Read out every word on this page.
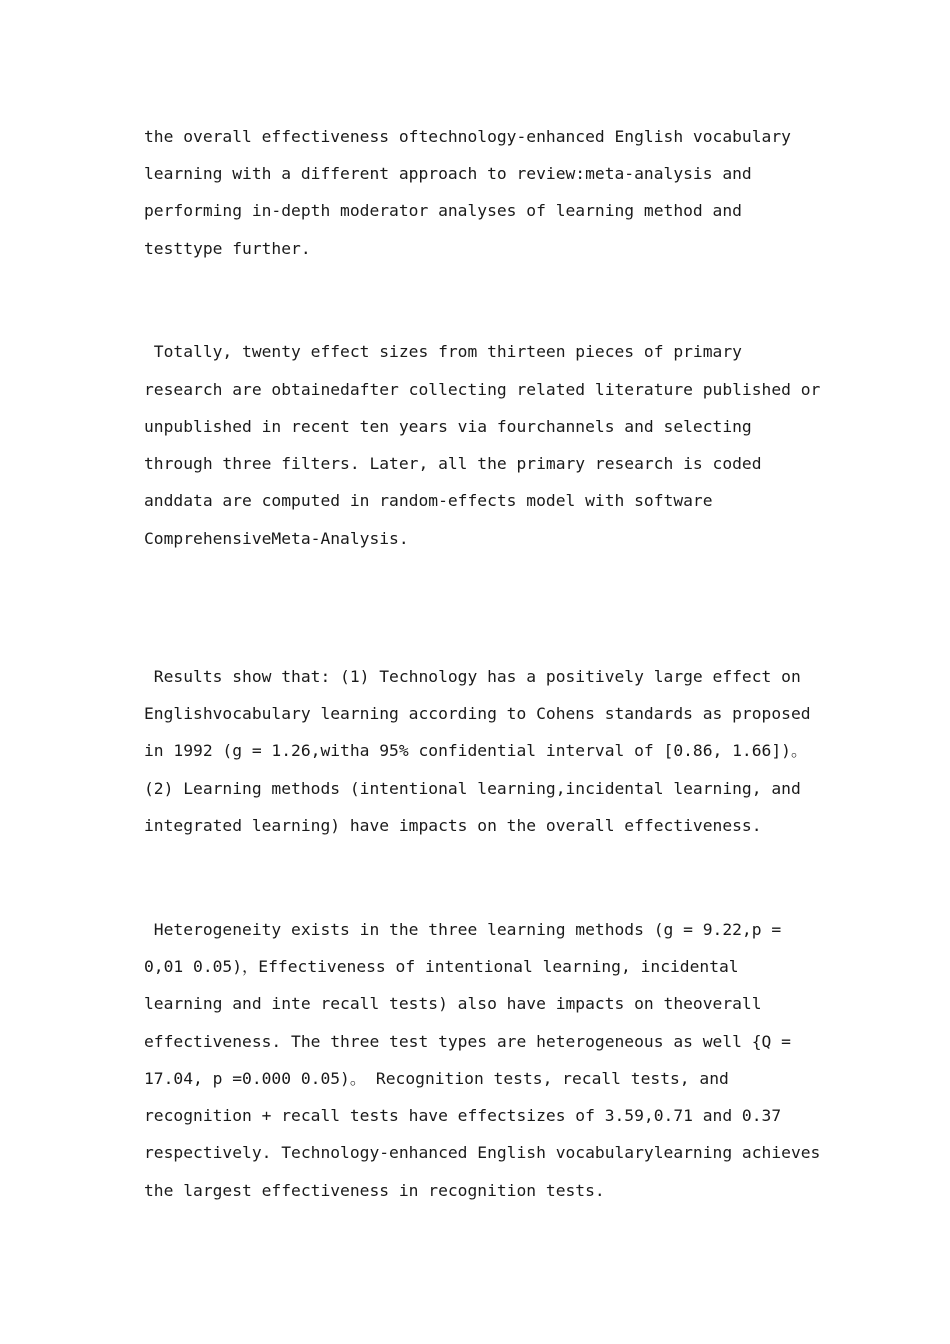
the overall effectiveness oftechnology-enhanced English vocabulary
learning with a different approach to review:meta-analysis and
performing in-depth moderator analyses of learning method and
testtype further.
Totally, twenty effect sizes from thirteen pieces of primary
research are obtainedafter collecting related literature published or
unpublished in recent ten years via fourchannels and selecting
through three filters. Later, all the primary research is coded
anddata are computed in random-effects model with software
ComprehensiveMeta-Analysis.
Results show that: (1) Technology has a positively large effect on
Englishvocabulary learning according to Cohens standards as proposed
in 1992 (g = 1.26,witha 95% confidential interval of [0.86, 1.66])。
(2) Learning methods (intentional learning,incidental learning, and
integrated learning) have impacts on the overall effectiveness.
Heterogeneity exists in the three learning methods (g = 9.22,p =
0,01 0.05)，Effectiveness of intentional learning, incidental
learning and inte recall tests) also have impacts on theoverall
effectiveness. The three test types are heterogeneous as well {Q =
17.04, p =0.000 0.05)。 Recognition tests, recall tests, and
recognition + recall tests have effectsizes of 3.59,0.71 and 0.37
respectively. Technology-enhanced English vocabularylearning achieves
the largest effectiveness in recognition tests.
